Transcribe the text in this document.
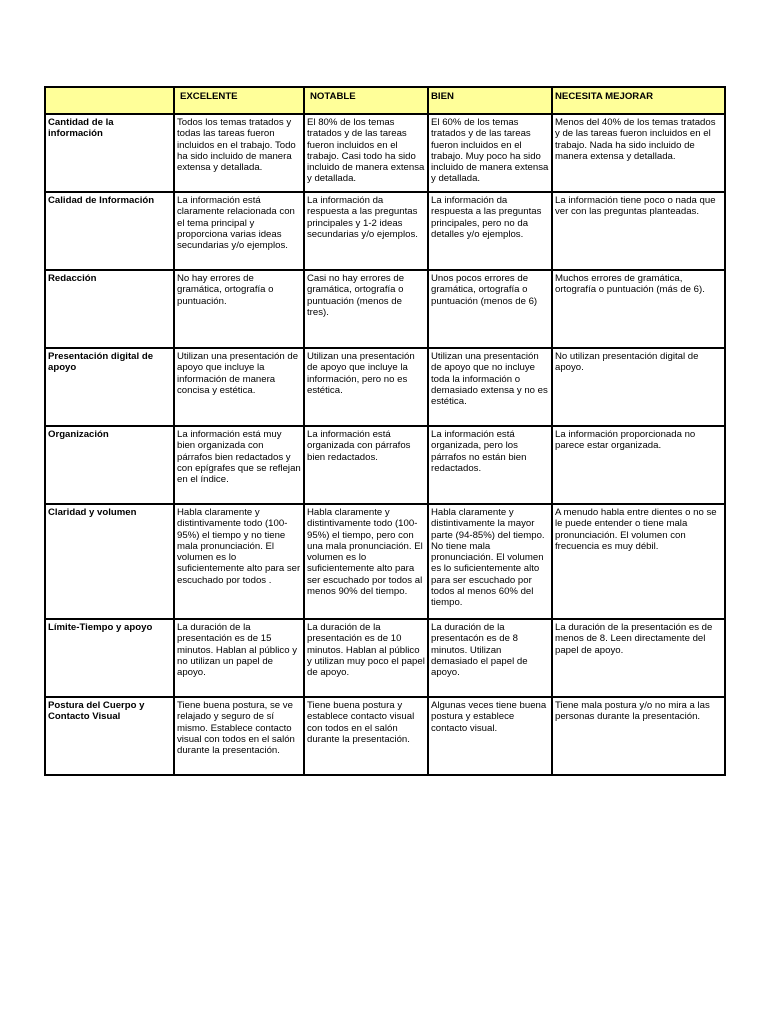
	EXCELENTE	NOTABLE	BIEN	NECESITA MEJORAR
Cantidad de la información	Todos los temas tratados y todas las tareas fueron incluidos en el trabajo. Todo ha sido incluido de manera extensa y detallada.	El 80% de los temas tratados y de las tareas fueron incluidos en el trabajo. Casi todo ha sido incluido de manera extensa y detallada.	El 60% de los temas tratados y de las tareas fueron incluidos en el trabajo. Muy poco ha sido incluido de manera extensa y detallada.	Menos del 40% de los temas tratados y de las tareas fueron incluidos en el trabajo. Nada ha sido incluido de manera extensa y detallada.
Calidad de Información	La información está claramente relacionada con el tema principal y proporciona varias ideas secundarias y/o ejemplos.	La información da respuesta a las preguntas principales y 1-2 ideas secundarias y/o ejemplos.	La información da respuesta a las preguntas principales, pero no da detalles y/o ejemplos.	La información tiene poco o nada que ver con las preguntas planteadas.
Redacción	No hay errores de gramática, ortografía o puntuación.	Casi no hay errores de gramática, ortografía o puntuación (menos de tres).	Unos pocos errores de gramática, ortografía o puntuación (menos de 6)	Muchos errores de gramática, ortografía o puntuación (más de 6).
Presentación digital de apoyo	Utilizan una presentación de apoyo que incluye la información de manera concisa y estética.	Utilizan una presentación de apoyo que incluye la información, pero no es estética.	Utilizan una presentación de apoyo que no incluye toda la información o demasiado extensa y no es estética.	No utilizan presentación digital de apoyo.
Organización	La información está muy bien organizada con párrafos bien redactados y con epígrafes que se reflejan en el índice.	La información está organizada con párrafos bien redactados.	La información está organizada, pero los párrafos no están bien redactados.	La información proporcionada no parece estar organizada.
Claridad y volumen	Habla claramente y distintivamente todo (100-95%) el tiempo y no tiene mala pronunciación. El volumen es lo suficientemente alto para ser escuchado por todos .	Habla claramente y distintivamente todo (100-95%) el tiempo, pero con una mala pronunciación. El volumen es lo suficientemente alto para ser escuchado por todos al menos 90% del tiempo.	Habla claramente y distintivamente la mayor parte (94-85%) del tiempo. No tiene mala pronunciación. El volumen es lo suficientemente alto para ser escuchado por todos al menos 60% del tiempo.	A menudo habla entre dientes o no se le puede entender o tiene mala pronunciación. El volumen con frecuencia es muy débil.
Límite-Tiempo y apoyo	La duración de la presentación es de 15 minutos. Hablan al público y no utilizan un papel de apoyo.	La duración de la presentación es de 10 minutos. Hablan al público y utilizan muy poco el papel de apoyo.	La duración de la presentacón es de 8 minutos. Utilizan demasiado el papel de apoyo.	La duración de la presentación es de menos de 8. Leen directamente del papel de apoyo.
Postura del Cuerpo y Contacto Visual	Tiene buena postura, se ve relajado y seguro de sí mismo. Establece contacto visual con todos en el salón durante la presentación.	Tiene buena postura y establece contacto visual con todos en el salón durante la presentación.	Algunas veces tiene buena postura y establece contacto visual.	Tiene mala postura y/o no mira a las personas durante la presentación.
